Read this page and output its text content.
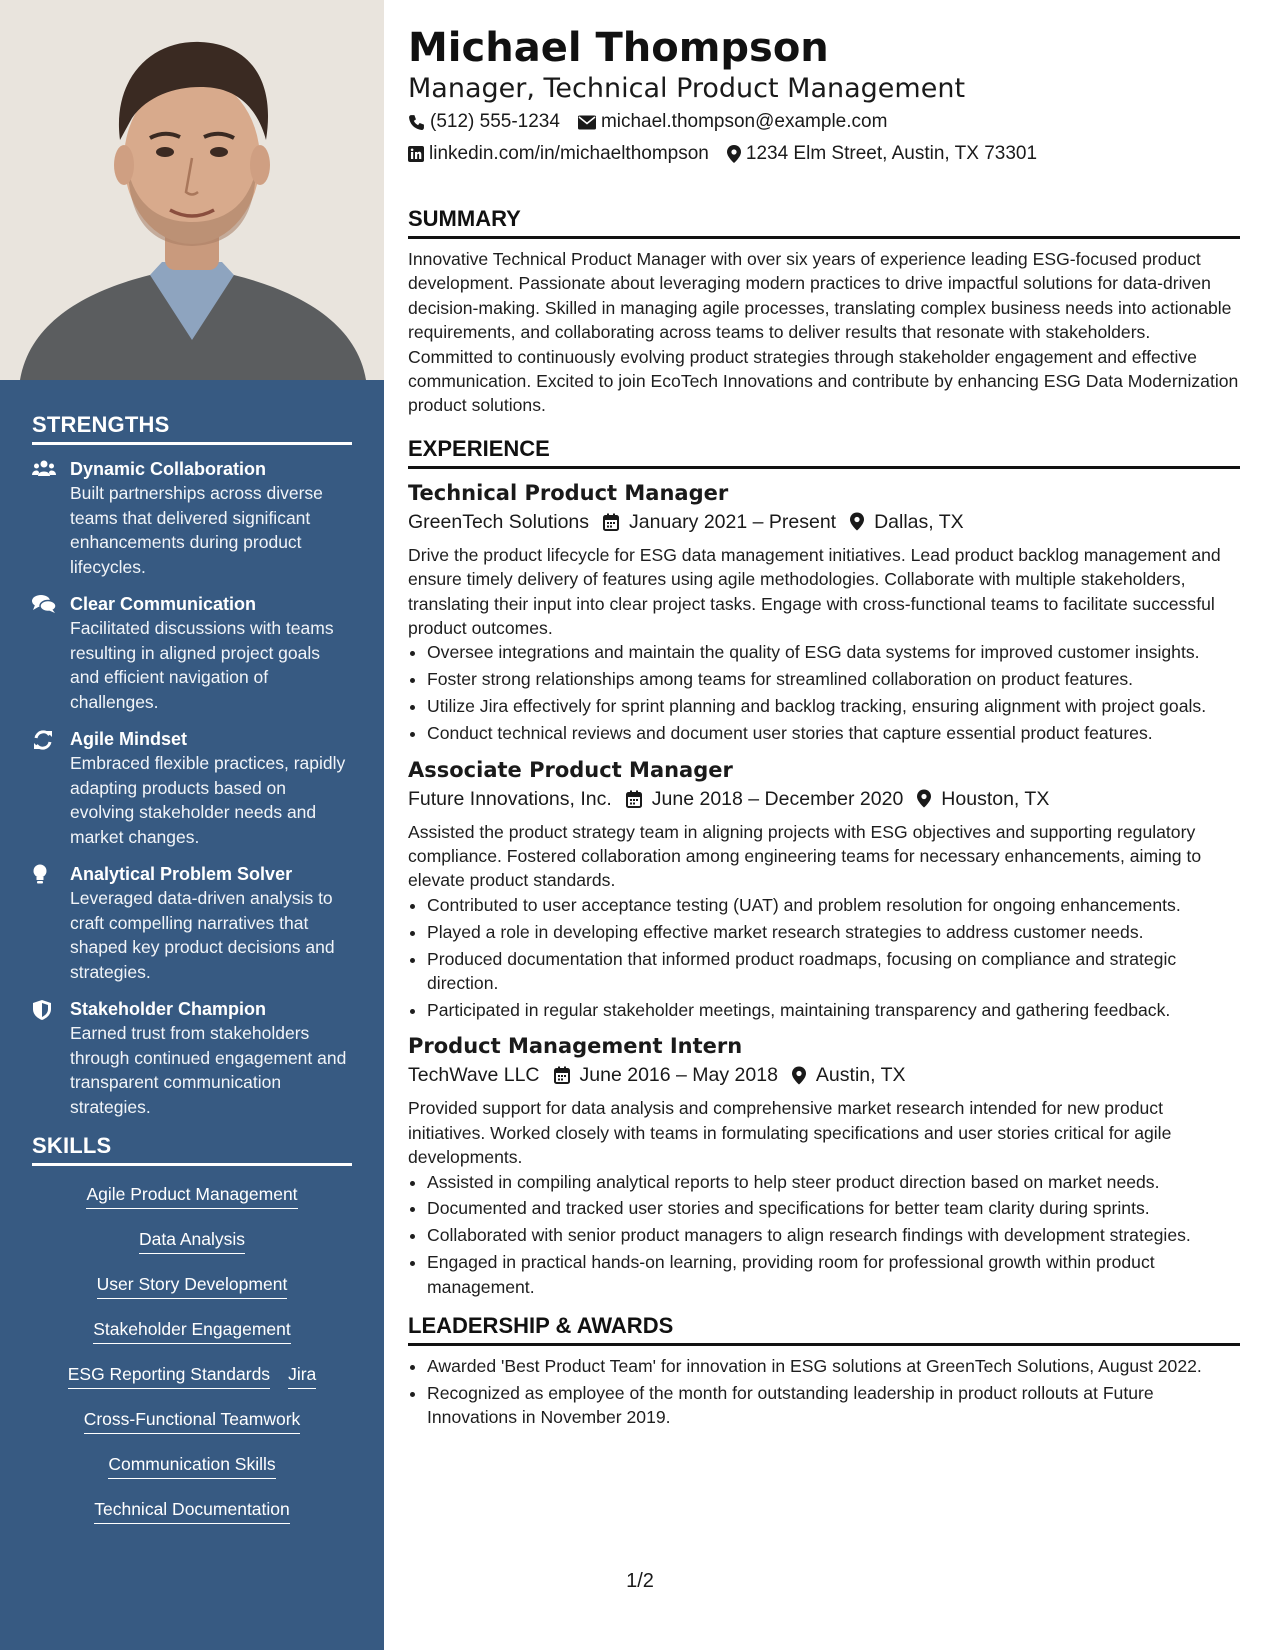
STRENGTHS
Dynamic Collaboration
Built partnerships across diverse teams that delivered significant enhancements during product lifecycles.
Clear Communication
Facilitated discussions with teams resulting in aligned project goals and efficient navigation of challenges.
Agile Mindset
Embraced flexible practices, rapidly adapting products based on evolving stakeholder needs and market changes.
Analytical Problem Solver
Leveraged data-driven analysis to craft compelling narratives that shaped key product decisions and strategies.
Stakeholder Champion
Earned trust from stakeholders through continued engagement and transparent communication strategies.
SKILLS
Agile Product Management
Data Analysis
User Story Development
Stakeholder Engagement
ESG Reporting Standards Jira
Cross-Functional Teamwork
Communication Skills
Technical Documentation
Michael Thompson
Manager, Technical Product Management
(512) 555-1234 michael.thompson@example.com
linkedin.com/in/michaelthompson 1234 Elm Street, Austin, TX 73301
SUMMARY

Innovative Technical Product Manager with over six years of experience leading ESG-focused product development. Passionate about leveraging modern practices to drive impactful solutions for data-driven decision-making. Skilled in managing agile processes, translating complex business needs into actionable requirements, and collaborating across teams to deliver results that resonate with stakeholders. Committed to continuously evolving product strategies through stakeholder engagement and effective communication. Excited to join EcoTech Innovations and contribute by enhancing ESG Data Modernization product solutions.

EXPERIENCE
Technical Product Manager
GreenTech Solutions January 2021 – Present Dallas, TX

Drive the product lifecycle for ESG data management initiatives. Lead product backlog management and ensure timely delivery of features using agile methodologies. Collaborate with multiple stakeholders, translating their input into clear project tasks. Engage with cross-functional teams to facilitate successful product outcomes.

• Oversee integrations and maintain the quality of ESG data systems for improved customer insights.
• Foster strong relationships among teams for streamlined collaboration on product features.
• Utilize Jira effectively for sprint planning and backlog tracking, ensuring alignment with project goals.
• Conduct technical reviews and document user stories that capture essential product features.
Associate Product Manager
Future Innovations, Inc. June 2018 – December 2020 Houston, TX

Assisted the product strategy team in aligning projects with ESG objectives and supporting regulatory compliance. Fostered collaboration among engineering teams for necessary enhancements, aiming to elevate product standards.

• Contributed to user acceptance testing (UAT) and problem resolution for ongoing enhancements.
• Played a role in developing effective market research strategies to address customer needs.
• Produced documentation that informed product roadmaps, focusing on compliance and strategic direction.
• Participated in regular stakeholder meetings, maintaining transparency and gathering feedback.
Product Management Intern
TechWave LLC June 2016 – May 2018 Austin, TX

Provided support for data analysis and comprehensive market research intended for new product initiatives. Worked closely with teams in formulating specifications and user stories critical for agile developments.

• Assisted in compiling analytical reports to help steer product direction based on market needs.
• Documented and tracked user stories and specifications for better team clarity during sprints.
• Collaborated with senior product managers to align research findings with development strategies.
• Engaged in practical hands-on learning, providing room for professional growth within product management.
LEADERSHIP & AWARDS
• Awarded 'Best Product Team' for innovation in ESG solutions at GreenTech Solutions, August 2022.
• Recognized as employee of the month for outstanding leadership in product rollouts at Future Innovations in November 2019.
1/2
